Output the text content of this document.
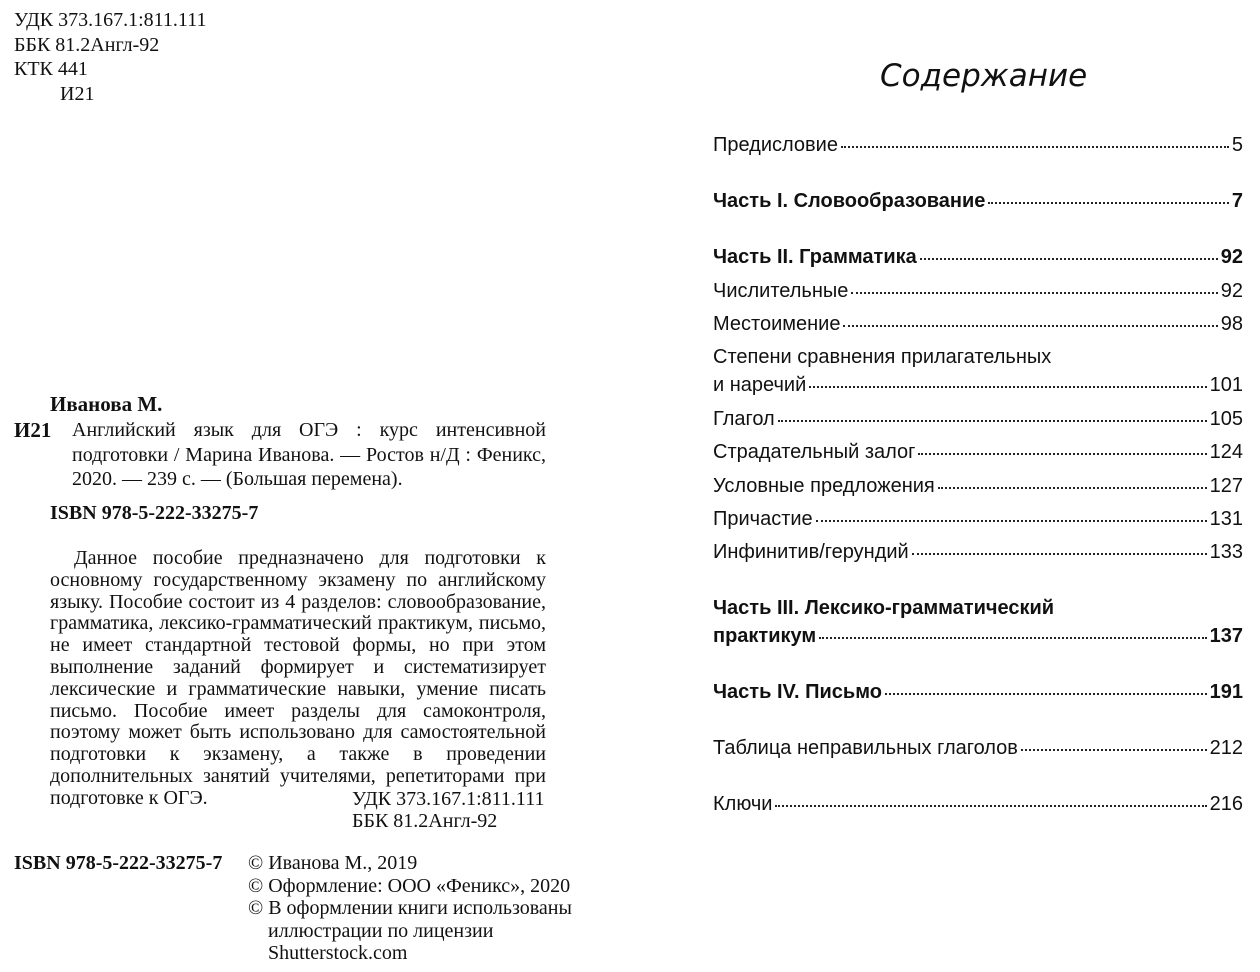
УДК 373.167.1:811.111
ББК 81.2Англ-92
КТК 441
И21
Иванова М.
И21	Английский язык для ОГЭ : курс интенсивной подготовки / Марина Иванова. — Ростов н/Д : Феникс, 2020. — 239 с. — (Большая перемена).
ISBN 978-5-222-33275-7
Данное пособие предназначено для подготовки к основному государственному экзамену по английскому языку. Пособие состоит из 4 разделов: словообразование, грамматика, лексико-грамматический практикум, письмо, не имеет стандартной тестовой формы, но при этом выполнение заданий формирует и систематизирует лексические и грамматические навыки, умение писать письмо. Пособие имеет разделы для самоконтроля, поэтому может быть использовано для самостоятельной подготовки к экзамену, а также в проведении дополнительных занятий учителями, репетиторами при подготовке к ОГЭ.	УДК 373.167.1:811.111
ББК 81.2Англ-92
ISBN 978-5-222-33275-7 © Иванова М., 2019
© Оформление: ООО «Феникс», 2020
© В оформлении книги использованы
иллюстрации по лицензии
Shutterstock.com
Содержание
Предисловие	5
Часть I. Словообразование	7
Часть II. Грамматика	92
Числительные	92
Местоимение	98
Степени сравнения прилагательных
и наречий	101
Глагол	105
Страдательный залог	124
Условные предложения	127
Причастие	131
Инфинитив/герундий	133
Часть III. Лексико-грамматический
практикум	137
Часть IV. Письмо	191
Таблица неправильных глаголов	212
Ключи	216
